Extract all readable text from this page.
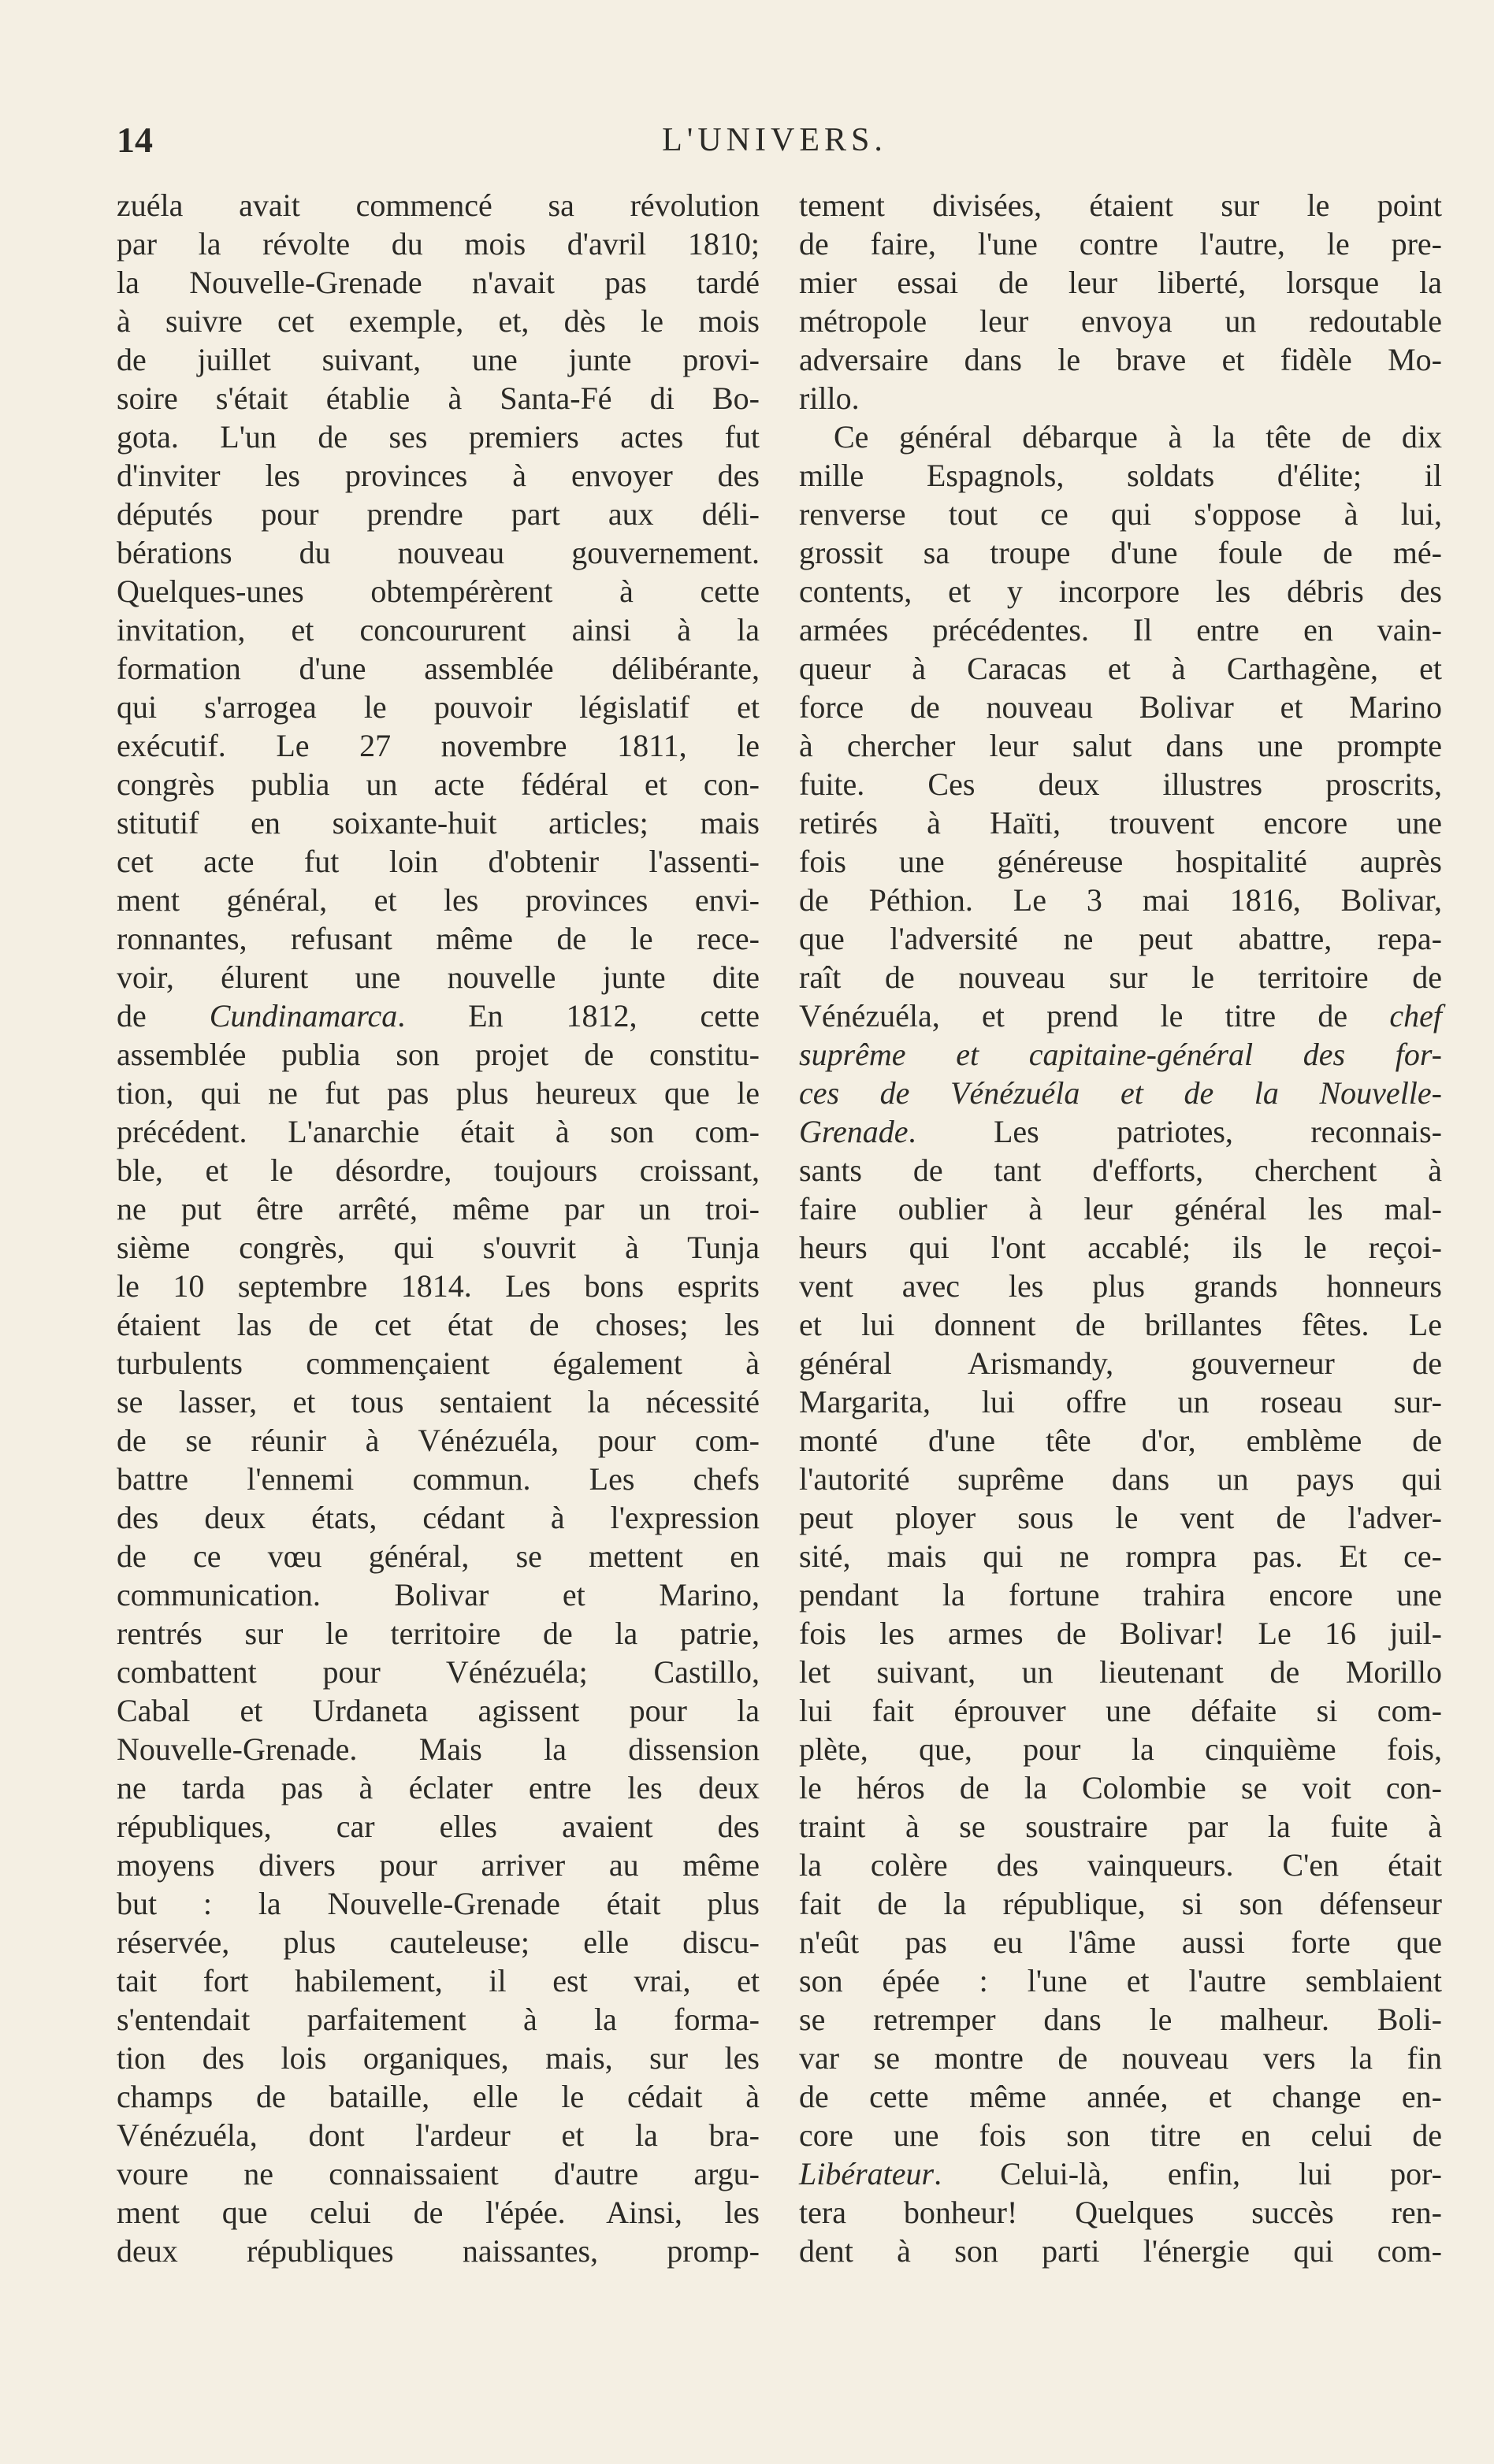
14	L'UNIVERS.
zuéla avait commencé sa révolution
par la révolte du mois d'avril 1810;
la Nouvelle-Grenade n'avait pas tardé
à suivre cet exemple, et, dès le mois
de juillet suivant, une junte provi-
soire s'était établie à Santa-Fé di Bo-
gota. L'un de ses premiers actes fut
d'inviter les provinces à envoyer des
députés pour prendre part aux déli-
bérations du nouveau gouvernement.
Quelques-unes obtempérèrent à cette
invitation, et concoururent ainsi à la
formation d'une assemblée délibérante,
qui s'arrogea le pouvoir législatif et
exécutif. Le 27 novembre 1811, le
congrès publia un acte fédéral et con-
stitutif en soixante-huit articles; mais
cet acte fut loin d'obtenir l'assenti-
ment général, et les provinces envi-
ronnantes, refusant même de le rece-
voir, élurent une nouvelle junte dite
de Cundinamarca. En 1812, cette
assemblée publia son projet de constitu-
tion, qui ne fut pas plus heureux que le
précédent. L'anarchie était à son com-
ble, et le désordre, toujours croissant,
ne put être arrêté, même par un troi-
sième congrès, qui s'ouvrit à Tunja
le 10 septembre 1814. Les bons esprits
étaient las de cet état de choses; les
turbulents commençaient également à
se lasser, et tous sentaient la nécessité
de se réunir à Vénézuéla, pour com-
battre l'ennemi commun. Les chefs
des deux états, cédant à l'expression
de ce vœu général, se mettent en
communication. Bolivar et Marino,
rentrés sur le territoire de la patrie,
combattent pour Vénézuéla; Castillo,
Cabal et Urdaneta agissent pour la
Nouvelle-Grenade. Mais la dissension
ne tarda pas à éclater entre les deux
républiques, car elles avaient des
moyens divers pour arriver au même
but : la Nouvelle-Grenade était plus
réservée, plus cauteleuse; elle discu-
tait fort habilement, il est vrai, et
s'entendait parfaitement à la forma-
tion des lois organiques, mais, sur les
champs de bataille, elle le cédait à
Vénézuéla, dont l'ardeur et la bra-
voure ne connaissaient d'autre argu-
ment que celui de l'épée. Ainsi, les
deux républiques naissantes, promp-
tement divisées, étaient sur le point
de faire, l'une contre l'autre, le pre-
mier essai de leur liberté, lorsque la
métropole leur envoya un redoutable
adversaire dans le brave et fidèle Mo-
rillo.
Ce général débarque à la tête de dix
mille Espagnols, soldats d'élite; il
renverse tout ce qui s'oppose à lui,
grossit sa troupe d'une foule de mé-
contents, et y incorpore les débris des
armées précédentes. Il entre en vain-
queur à Caracas et à Carthagène, et
force de nouveau Bolivar et Marino
à chercher leur salut dans une prompte
fuite. Ces deux illustres proscrits,
retirés à Haïti, trouvent encore une
fois une généreuse hospitalité auprès
de Péthion. Le 3 mai 1816, Bolivar,
que l'adversité ne peut abattre, repa-
raît de nouveau sur le territoire de
Vénézuéla, et prend le titre de chef
suprême et capitaine-général des for-
ces de Vénézuéla et de la Nouvelle-
Grenade. Les patriotes, reconnais-
sants de tant d'efforts, cherchent à
faire oublier à leur général les mal-
heurs qui l'ont accablé; ils le reçoi-
vent avec les plus grands honneurs
et lui donnent de brillantes fêtes. Le
général Arismandy, gouverneur de
Margarita, lui offre un roseau sur-
monté d'une tête d'or, emblème de
l'autorité suprême dans un pays qui
peut ployer sous le vent de l'adver-
sité, mais qui ne rompra pas. Et ce-
pendant la fortune trahira encore une
fois les armes de Bolivar! Le 16 juil-
let suivant, un lieutenant de Morillo
lui fait éprouver une défaite si com-
plète, que, pour la cinquième fois,
le héros de la Colombie se voit con-
traint à se soustraire par la fuite à
la colère des vainqueurs. C'en était
fait de la république, si son défenseur
n'eût pas eu l'âme aussi forte que
son épée : l'une et l'autre semblaient
se retremper dans le malheur. Boli-
var se montre de nouveau vers la fin
de cette même année, et change en-
core une fois son titre en celui de
Libérateur. Celui-là, enfin, lui por-
tera bonheur! Quelques succès ren-
dent à son parti l'énergie qui com-
